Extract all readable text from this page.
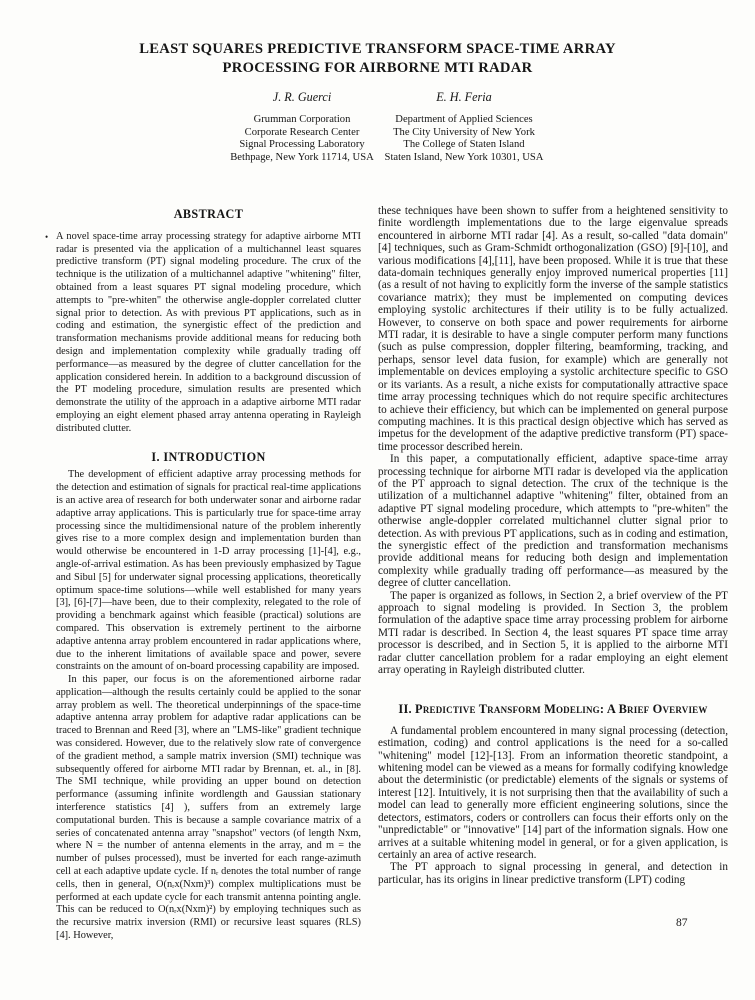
LEAST SQUARES PREDICTIVE TRANSFORM SPACE-TIME ARRAY
PROCESSING FOR AIRBORNE MTI RADAR
J. R. Guerci
Grumman Corporation
Corporate Research Center
Signal Processing Laboratory
Bethpage, New York 11714, USA
E. H. Feria
Department of Applied Sciences
The City University of New York
The College of Staten Island
Staten Island, New York 10301, USA
ABSTRACT

• A novel space-time array processing strategy for adaptive airborne MTI radar is presented via the application of a multichannel least squares predictive transform (PT) signal modeling procedure. The crux of the technique is the utilization of a multichannel adaptive "whitening" filter, obtained from a least squares PT signal modeling procedure, which attempts to "pre-whiten" the otherwise angle-doppler correlated clutter signal prior to detection. As with previous PT applications, such as in coding and estimation, the synergistic effect of the prediction and transformation mechanisms provide additional means for reducing both design and implementation complexity while gradually trading off performance—as measured by the degree of clutter cancellation for the application considered herein. In addition to a background discussion of the PT modeling procedure, simulation results are presented which demonstrate the utility of the approach in a adaptive airborne MTI radar employing an eight element phased array antenna operating in Rayleigh distributed clutter.

I. INTRODUCTION

The development of efficient adaptive array processing methods for the detection and estimation of signals for practical real-time applications is an active area of research for both underwater sonar and airborne radar adaptive array applications. This is particularly true for space-time array processing since the multidimensional nature of the problem inherently gives rise to a more complex design and implementation burden than would otherwise be encountered in 1-D array processing [1]-[4], e.g., angle-of-arrival estimation. As has been previously emphasized by Tague and Sibul [5] for underwater signal processing applications, theoretically optimum space-time solutions—while well established for many years [3], [6]-[7]—have been, due to their complexity, relegated to the role of providing a benchmark against which feasible (practical) solutions are compared. This observation is extremely pertinent to the airborne adaptive antenna array problem encountered in radar applications where, due to the inherent limitations of available space and power, severe constraints on the amount of on-board processing capability are imposed.

In this paper, our focus is on the aforementioned airborne radar application—although the results certainly could be applied to the sonar array problem as well. The theoretical underpinnings of the space-time adaptive antenna array problem for adaptive radar applications can be traced to Brennan and Reed [3], where an "LMS-like" gradient technique was considered. However, due to the relatively slow rate of convergence of the gradient method, a sample matrix inversion (SMI) technique was subsequently offered for airborne MTI radar by Brennan, et. al., in [8]. The SMI technique, while providing an upper bound on detection performance (assuming infinite wordlength and Gaussian stationary interference statistics [4] ), suffers from an extremely large computational burden. This is because a sample covariance matrix of a series of concatenated antenna array "snapshot" vectors (of length Nxm, where N = the number of antenna elements in the array, and m = the number of pulses processed), must be inverted for each range-azimuth cell at each adaptive update cycle. If nᵣ denotes the total number of range cells, then in general, O(nᵣx(Nxm)³) complex multiplications must be performed at each update cycle for each transmit antenna pointing angle. This can be reduced to O(nᵣx(Nxm)²) by employing techniques such as the recursive matrix inversion (RMI) or recursive least squares (RLS) [4]. However,

these techniques have been shown to suffer from a heightened sensitivity to finite wordlength implementations due to the large eigenvalue spreads encountered in airborne MTI radar [4]. As a result, so-called "data domain" [4] techniques, such as Gram-Schmidt orthogonalization (GSO) [9]-[10], and various modifications [4],[11], have been proposed. While it is true that these data-domain techniques generally enjoy improved numerical properties [11] (as a result of not having to explicitly form the inverse of the sample statistics covariance matrix); they must be implemented on computing devices employing systolic architectures if their utility is to be fully actualized. However, to conserve on both space and power requirements for airborne MTI radar, it is desirable to have a single computer perform many functions (such as pulse compression, doppler filtering, beamforming, tracking, and perhaps, sensor level data fusion, for example) which are generally not implementable on devices employing a systolic architecture specific to GSO or its variants. As a result, a niche exists for computationally attractive space time array processing techniques which do not require specific architectures to achieve their efficiency, but which can be implemented on general purpose computing machines. It is this practical design objective which has served as impetus for the development of the adaptive predictive transform (PT) space-time processor described herein.

In this paper, a computationally efficient, adaptive space-time array processing technique for airborne MTI radar is developed via the application of the PT approach to signal detection. The crux of the technique is the utilization of a multichannel adaptive "whitening" filter, obtained from an adaptive PT signal modeling procedure, which attempts to "pre-whiten" the otherwise angle-doppler correlated multichannel clutter signal prior to detection. As with previous PT applications, such as in coding and estimation, the synergistic effect of the prediction and transformation mechanisms provide additional means for reducing both design and implementation complexity while gradually trading off performance—as measured by the degree of clutter cancellation.

The paper is organized as follows, in Section 2, a brief overview of the PT approach to signal modeling is provided. In Section 3, the problem formulation of the adaptive space time array processing problem for airborne MTI radar is described. In Section 4, the least squares PT space time array processor is described, and in Section 5, it is applied to the airborne MTI radar clutter cancellation problem for a radar employing an eight element array operating in Rayleigh distributed clutter.

II. Predictive Transform Modeling: A Brief Overview

A fundamental problem encountered in many signal processing (detection, estimation, coding) and control applications is the need for a so-called "whitening" model [12]-[13]. From an information theoretic standpoint, a whitening model can be viewed as a means for formally codifying knowledge about the deterministic (or predictable) elements of the signals or systems of interest [12]. Intuitively, it is not surprising then that the availability of such a model can lead to generally more efficient engineering solutions, since the detectors, estimators, coders or controllers can focus their efforts only on the "unpredictable" or "innovative" [14] part of the information signals. How one arrives at a suitable whitening model in general, or for a given application, is certainly an area of active research.

The PT approach to signal processing in general, and detection in particular, has its origins in linear predictive transform (LPT) coding

87
